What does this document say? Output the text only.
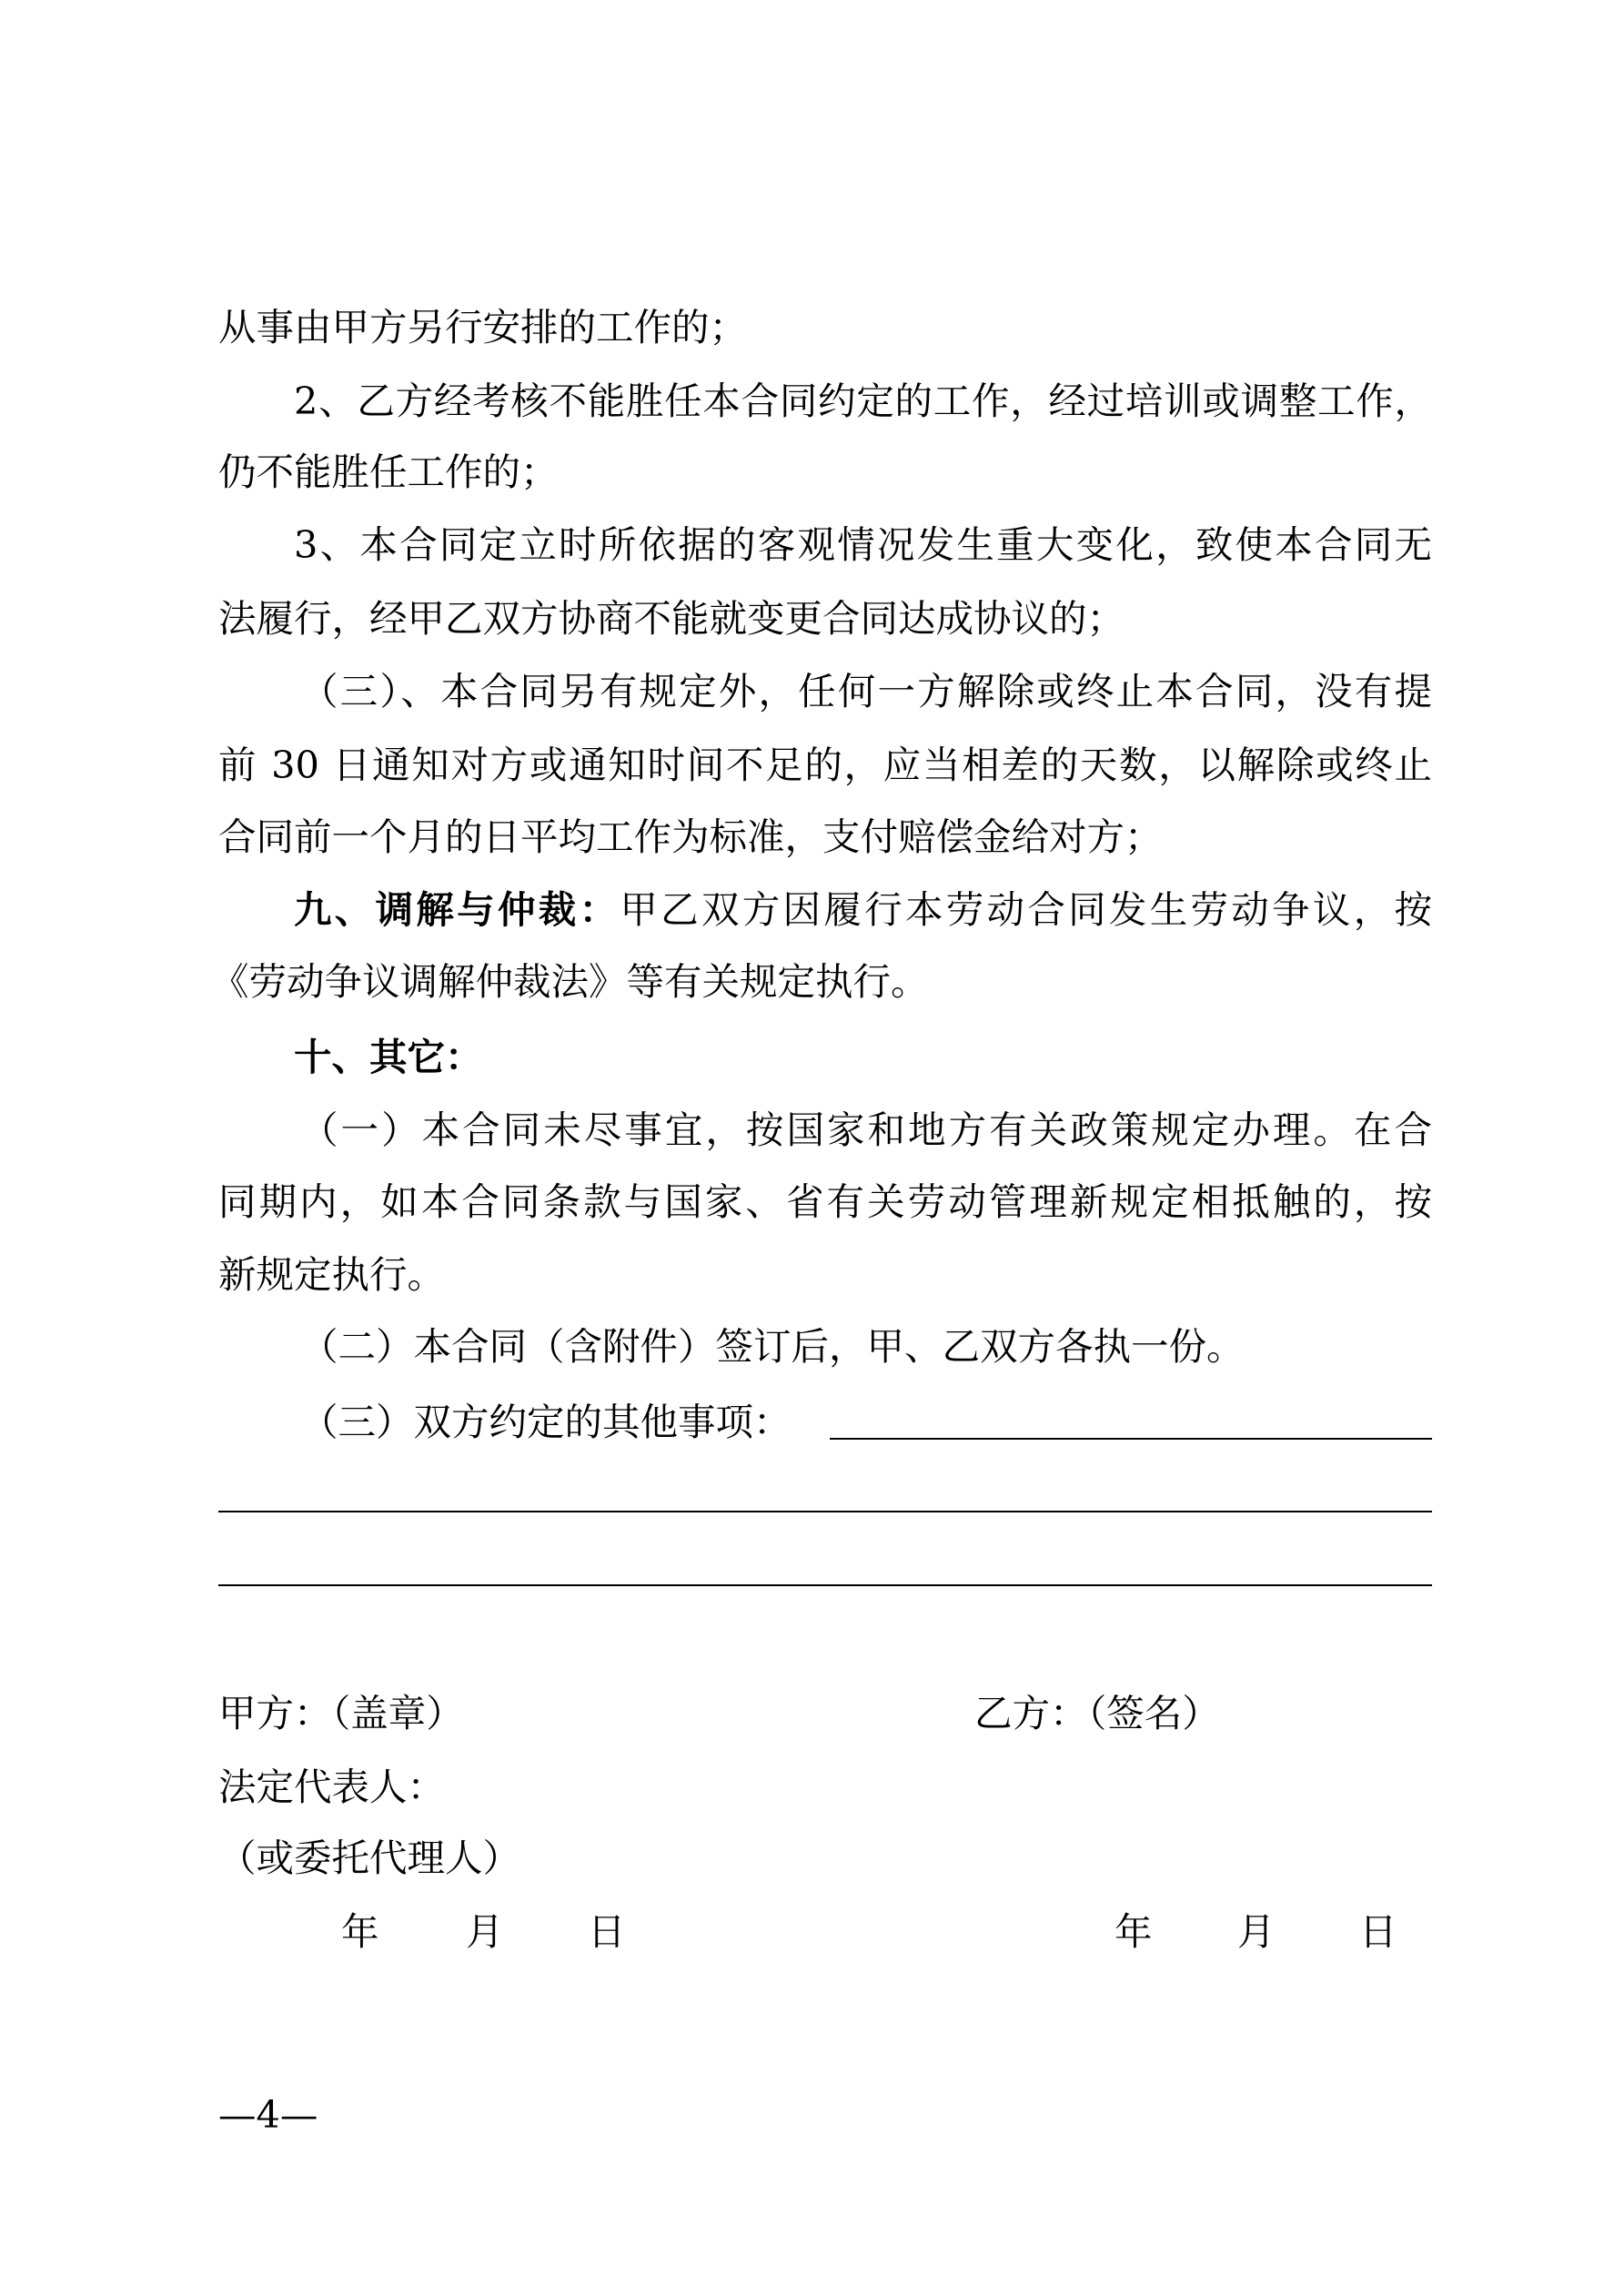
从事由甲方另行安排的工作的；
2、乙方经考核不能胜任本合同约定的工作，经过培训或调整工作，
仍不能胜任工作的；
3、本合同定立时所依据的客观情况发生重大变化，致使本合同无
法履行，经甲乙双方协商不能就变更合同达成协议的；
（三）、本合同另有规定外，任何一方解除或终止本合同，没有提
前 30 日通知对方或通知时间不足的，应当相差的天数，以解除或终止
合同前一个月的日平均工作为标准，支付赔偿金给对方；
九、调解与仲裁：甲乙双方因履行本劳动合同发生劳动争议，按
《劳动争议调解仲裁法》等有关规定执行。
十、其它：
（一）本合同未尽事宜，按国家和地方有关政策规定办理。在合
同期内，如本合同条款与国家、省有关劳动管理新规定相抵触的，按
新规定执行。
（二）本合同（含附件）签订后，甲、乙双方各执一份。
（三）双方约定的其他事项：
甲方：（盖章）	乙方：（签名）
法定代表人：
（或委托代理人）
年 月 日	年 月 日
—4—
